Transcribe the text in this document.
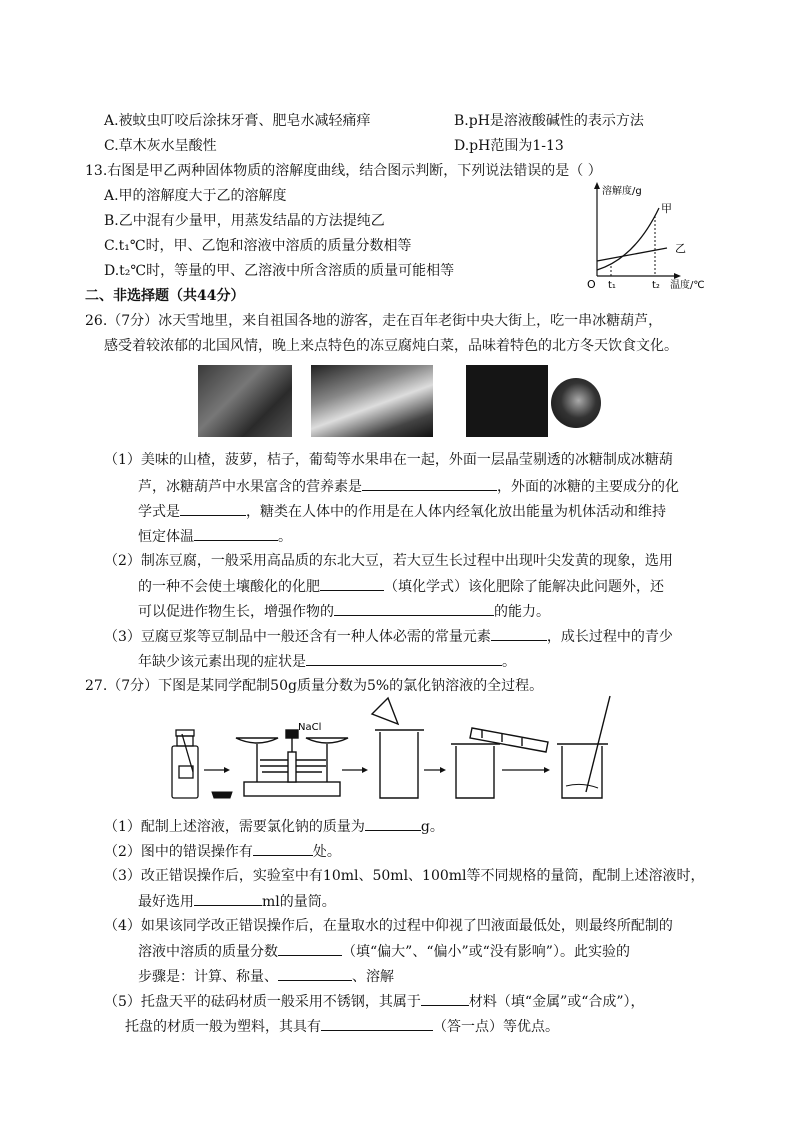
A.被蚊虫叮咬后涂抹牙膏、肥皂水减轻痛痒	B.pH是溶液酸碱性的表示方法
C.草木灰水呈酸性	D.pH范围为1-13
13.右图是甲乙两种固体物质的溶解度曲线，结合图示判断，下列说法错误的是（ ）
A.甲的溶解度大于乙的溶解度
B.乙中混有少量甲，用蒸发结晶的方法提纯乙
C.t₁℃时，甲、乙饱和溶液中溶质的质量分数相等
D.t₂℃时，等量的甲、乙溶液中所含溶质的质量可能相等
溶解度/g
O t₁	t₂ 温度/℃
甲
乙
二、非选择题（共44分）
26.（7分）冰天雪地里，来自祖国各地的游客，走在百年老街中央大街上，吃一串冰糖葫芦，
感受着较浓郁的北国风情，晚上来点特色的冻豆腐炖白菜，品味着特色的北方冬天饮食文化。
（1）美味的山楂，菠萝，桔子，葡萄等水果串在一起，外面一层晶莹剔透的冰糖制成冰糖葫
芦，冰糖葫芦中水果富含的营养素是	，外面的冰糖的主要成分的化
学式是	，糖类在人体中的作用是在人体内经氧化放出能量为机体活动和维持
恒定体温	。
（2）制冻豆腐，一般采用高品质的东北大豆，若大豆生长过程中出现叶尖发黄的现象，选用
的一种不会使土壤酸化的化肥	（填化学式）该化肥除了能解决此问题外，还
可以促进作物生长，增强作物的	的能力。
（3）豆腐豆浆等豆制品中一般还含有一种人体必需的常量元素	，成长过程中的青少
年缺少该元素出现的症状是	。
27.（7分）下图是某同学配制50g质量分数为5%的氯化钠溶液的全过程。
NaCl
（1）配制上述溶液，需要氯化钠的质量为	g。
（2）图中的错误操作有	处。
（3）改正错误操作后，实验室中有10ml、50ml、100ml等不同规格的量筒，配制上述溶液时，
最好选用	ml的量筒。
（4）如果该同学改正错误操作后，在量取水的过程中仰视了凹液面最低处，则最终所配制的
溶液中溶质的质量分数	（填“偏大”、“偏小”或“没有影响”）。此实验的
步骤是：计算、称量、	、溶解
（5）托盘天平的砝码材质一般采用不锈钢，其属于	材料（填“金属”或“合成”），
托盘的材质一般为塑料，其具有	（答一点）等优点。
